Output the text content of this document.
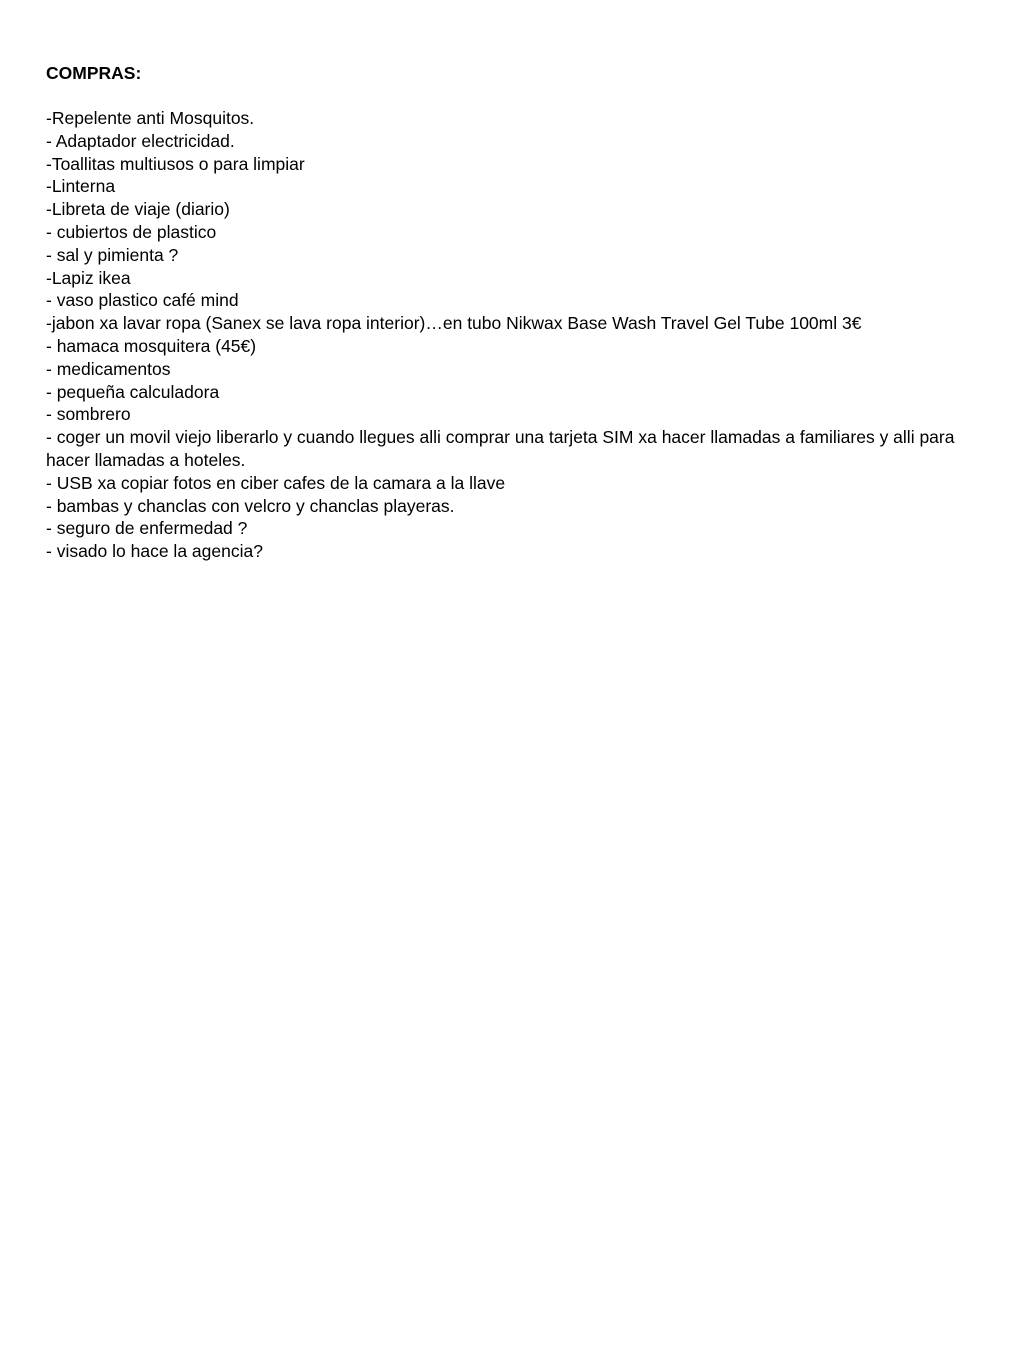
COMPRAS:
-Repelente anti Mosquitos.
- Adaptador electricidad.
-Toallitas multiusos o para limpiar
-Linterna
-Libreta de viaje (diario)
- cubiertos de plastico
- sal y pimienta ?
-Lapiz ikea
- vaso plastico café mind
-jabon xa lavar ropa (Sanex se lava ropa interior)…en tubo Nikwax Base Wash Travel Gel Tube 100ml 3€
- hamaca mosquitera (45€)
- medicamentos
- pequeña calculadora
- sombrero
- coger un movil viejo liberarlo y cuando llegues alli comprar una tarjeta SIM xa hacer llamadas a familiares y alli para hacer llamadas a hoteles.
- USB xa copiar fotos en ciber cafes de la camara a la llave
- bambas y chanclas con velcro y chanclas playeras.
- seguro de enfermedad ?
- visado lo hace la agencia?
